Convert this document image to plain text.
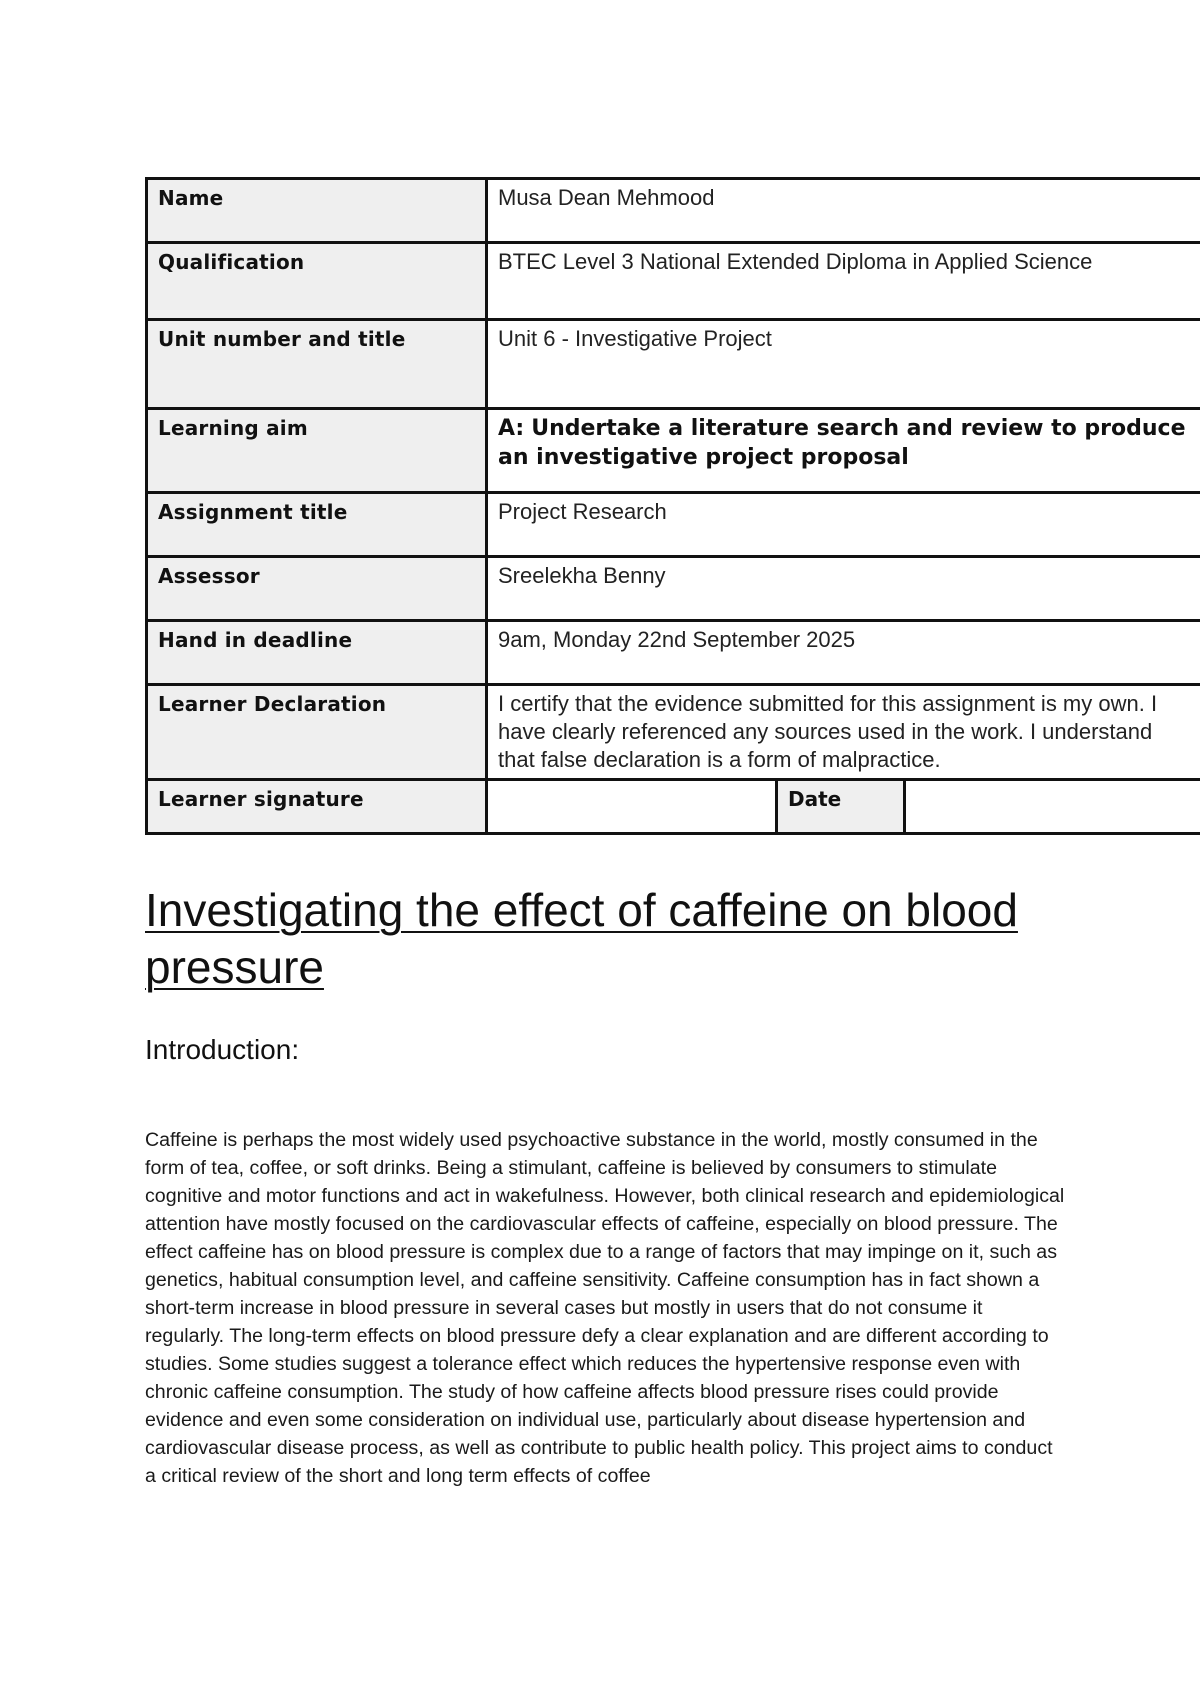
Name	Musa Dean Mehmood		
Qualification	BTEC Level 3 National Extended Diploma in Applied Science		
Unit number and title	Unit 6 - Investigative Project		
Learning aim	A: Undertake a literature search and review to produce an investigative project proposal		
Assignment title	Project Research		
Assessor	Sreelekha Benny		
Hand in deadline	9am, Monday 22nd September 2025		
Learner Declaration	I certify that the evidence submitted for this assignment is my own. I have clearly referenced any sources used in the work. I understand that false declaration is a form of malpractice.		
Learner signature		Date	
Investigating the effect of caffeine on blood pressure
Introduction:

Caffeine is perhaps the most widely used psychoactive substance in the world, mostly consumed in the form of tea, coffee, or soft drinks. Being a stimulant, caffeine is believed by consumers to stimulate cognitive and motor functions and act in wakefulness. However, both clinical research and epidemiological attention have mostly focused on the cardiovascular effects of caffeine, especially on blood pressure. The effect caffeine has on blood pressure is complex due to a range of factors that may impinge on it, such as genetics, habitual consumption level, and caffeine sensitivity. Caffeine consumption has in fact shown a short-term increase in blood pressure in several cases but mostly in users that do not consume it regularly. The long-term effects on blood pressure defy a clear explanation and are different according to studies. Some studies suggest a tolerance effect which reduces the hypertensive response even with chronic caffeine consumption. The study of how caffeine affects blood pressure rises could provide evidence and even some consideration on individual use, particularly about disease hypertension and cardiovascular disease process, as well as contribute to public health policy. This project aims to conduct a critical review of the short and long term effects of coffee
